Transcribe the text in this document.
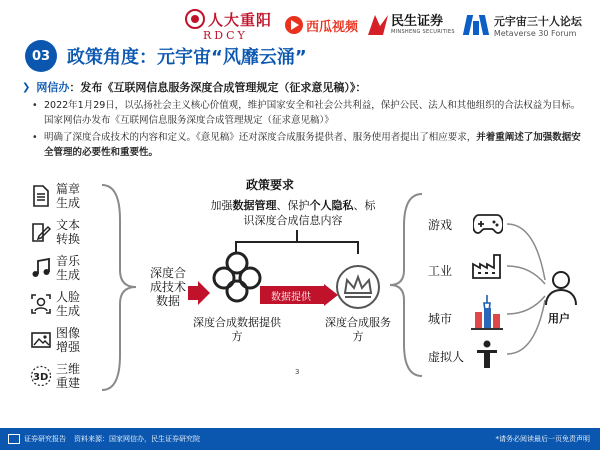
人大重阳
RDCY
西瓜视频	民生证券
MINSHENG SECURITIES
元宇宙三十人论坛
Metaverse 30 Forum
03 政策角度：元宇宙“风靡云涌”
❯ 网信办 ：发布《互联网信息服务深度合成管理规定（征求意见稿）》：
• 2022年1月29日，以弘扬社会主义核心价值观，维护国家安全和社会公共利益，保护公民、法人和其他组织的合法权益为目标。国家网信办发布《互联网信息服务深度合成管理规定（征求意见稿）》
• 明确了深度合成技术的内容和定义。《意见稿》还对深度合成服务提供者、服务使用者提出了相应要求，并着重阐述了加强数据安全管理的必要性和重要性。
篇章生成
文本转换
音乐生成
人脸生成
图像增强
3D
三维重建
深度合成技术数据
深度合成数据提供方
数据提供
深度合成服务方
政策要求
加强数据管理、保护个人隐私、标识深度合成信息内容	游戏
工业
城市
虚拟人
用户
3
证券研究报告 资料来源：国家网信办，民生证券研究院	*请务必阅读最后一页免责声明
